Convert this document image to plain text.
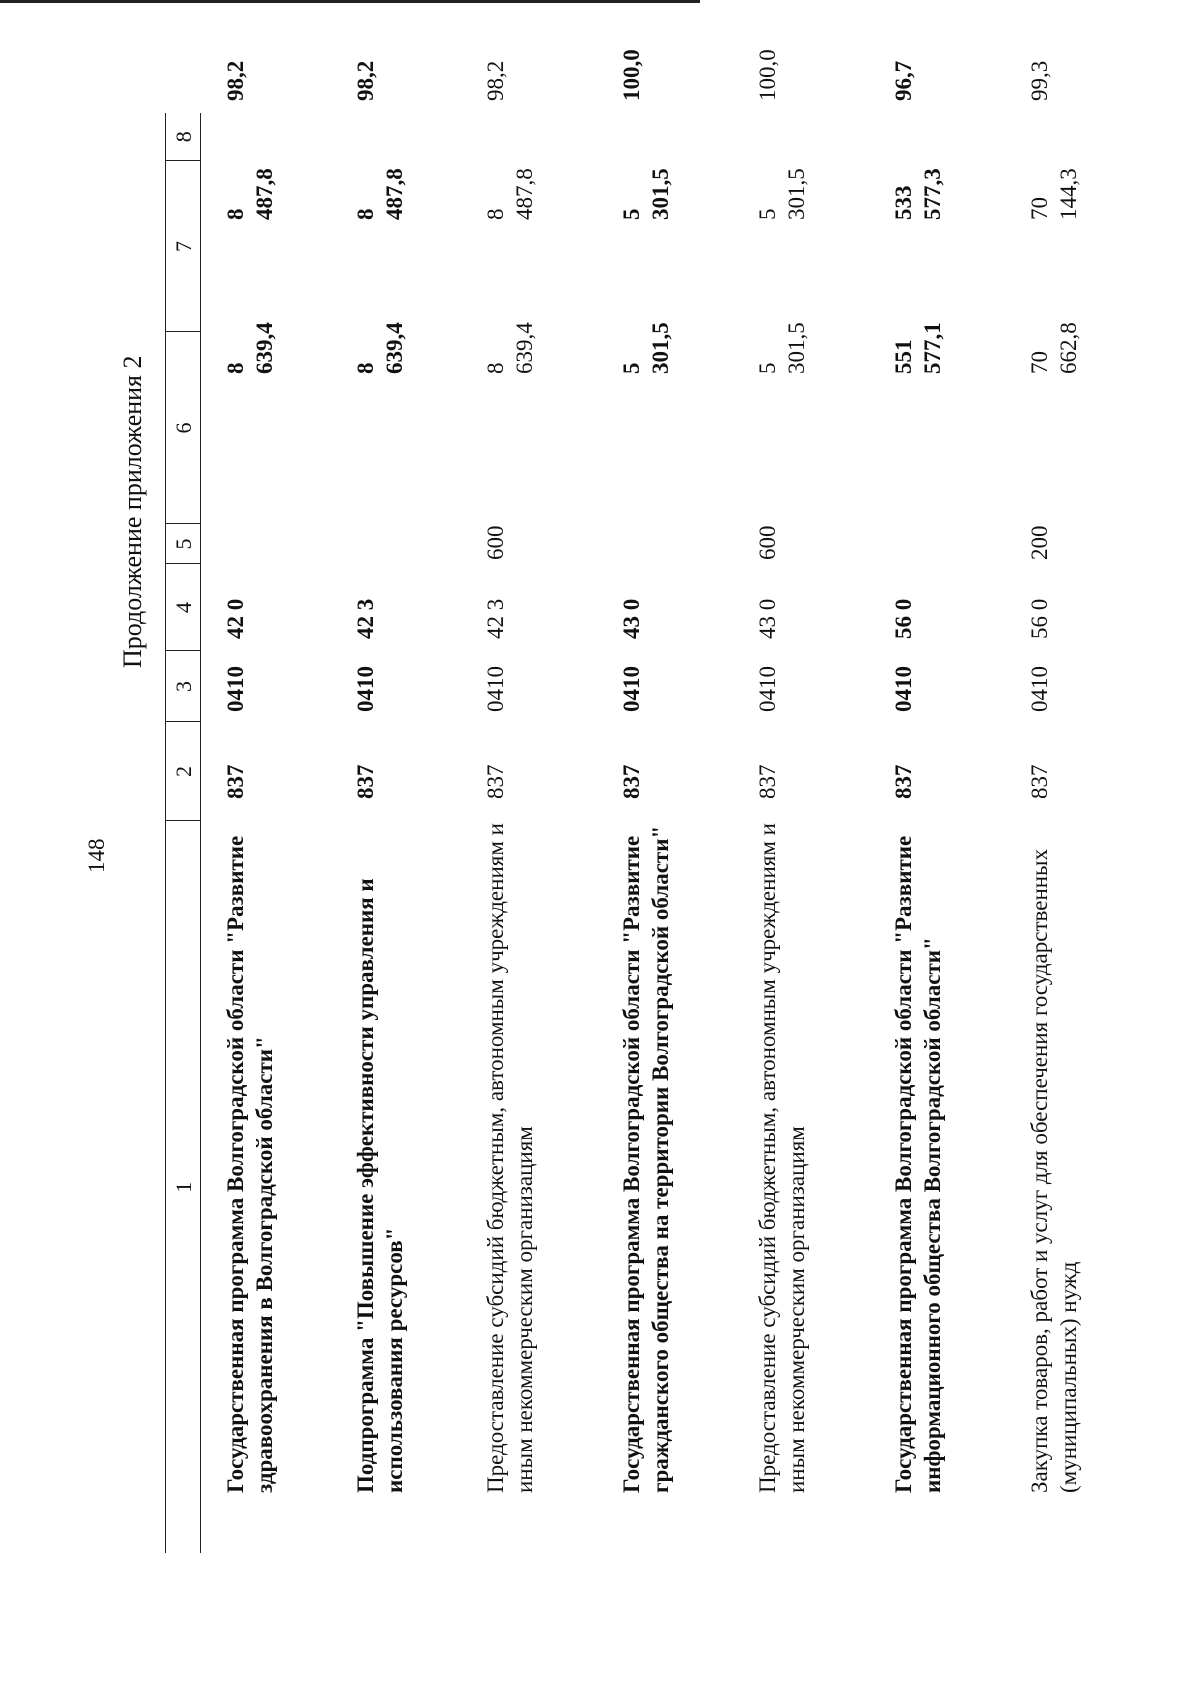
148
Продолжение приложения 2
1	2	3	4	5	6	7	8
Государственная программа Волгоградской области "Развитие здравоохранения в Волгоградской области"	837	0410	42 0		8 639,4	8 487,8	98,2
Подпрограмма "Повышение эффективности управления и использования ресурсов"	837	0410	42 3		8 639,4	8 487,8	98,2
Предоставление субсидий бюджетным, автономным учреждениям и иным некоммерческим организациям	837	0410	42 3	600	8 639,4	8 487,8	98,2
Государственная программа Волгоградской области "Развитие гражданского общества на территории Волгоградской области"	837	0410	43 0		5 301,5	5 301,5	100,0
Предоставление субсидий бюджетным, автономным учреждениям и иным некоммерческим организациям	837	0410	43 0	600	5 301,5	5 301,5	100,0
Государственная программа Волгоградской области "Развитие информационного общества Волгоградской области"	837	0410	56 0		551 577,1	533 577,3	96,7
Закупка товаров, работ и услуг для обеспечения государственных (муниципальных) нужд	837	0410	56 0	200	70 662,8	70 144,3	99,3
